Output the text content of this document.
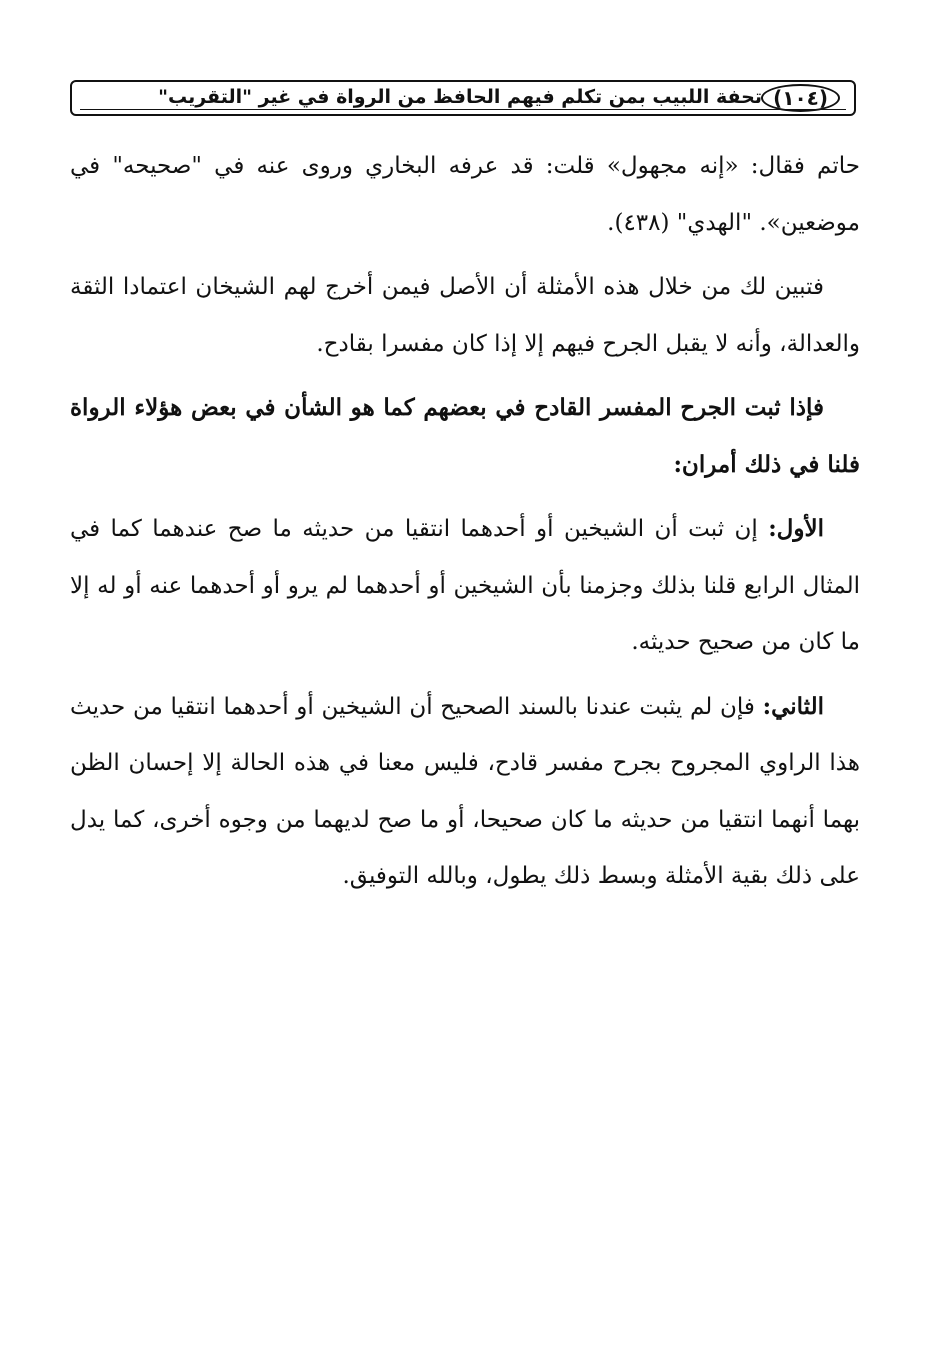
(١٠٤)
تحفة اللبيب بمن تكلم فيهم الحافظ من الرواة في غير "التقريب"

حاتم فقال: «إنه مجهول» قلت: قد عرفه البخاري وروى عنه في "صحيحه" في موضعين». "الهدي" (٤٣٨).

فتبين لك من خلال هذه الأمثلة أن الأصل فيمن أخرج لهم الشيخان اعتمادا الثقة والعدالة، وأنه لا يقبل الجرح فيهم إلا إذا كان مفسرا بقادح.

فإذا ثبت الجرح المفسر القادح في بعضهم كما هو الشأن في بعض هؤلاء الرواة فلنا في ذلك أمران:

الأول: إن ثبت أن الشيخين أو أحدهما انتقيا من حديثه ما صح عندهما كما في المثال الرابع قلنا بذلك وجزمنا بأن الشيخين أو أحدهما لم يرو أو أحدهما عنه أو له إلا ما كان من صحيح حديثه.

الثاني: فإن لم يثبت عندنا بالسند الصحيح أن الشيخين أو أحدهما انتقيا من حديث هذا الراوي المجروح بجرح مفسر قادح، فليس معنا في هذه الحالة إلا إحسان الظن بهما أنهما انتقيا من حديثه ما كان صحيحا، أو ما صح لديهما من وجوه أخرى، كما يدل على ذلك بقية الأمثلة وبسط ذلك يطول، وبالله التوفيق.
